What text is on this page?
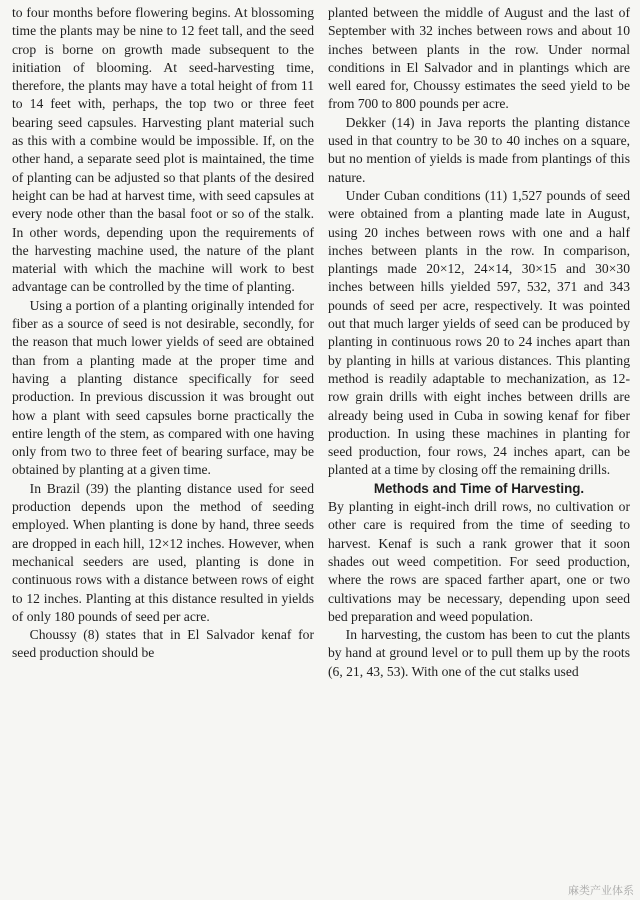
to four months before flowering begins. At blossoming time the plants may be nine to 12 feet tall, and the seed crop is borne on growth made subsequent to the initiation of blooming. At seed-harvesting time, therefore, the plants may have a total height of from 11 to 14 feet with, perhaps, the top two or three feet bearing seed capsules. Harvesting plant material such as this with a combine would be impossible. If, on the other hand, a separate seed plot is maintained, the time of planting can be adjusted so that plants of the desired height can be had at harvest time, with seed capsules at every node other than the basal foot or so of the stalk. In other words, depending upon the requirements of the harvesting machine used, the nature of the plant material with which the machine will work to best advantage can be controlled by the time of planting.

Using a portion of a planting originally intended for fiber as a source of seed is not desirable, secondly, for the reason that much lower yields of seed are obtained than from a planting made at the proper time and having a planting distance specifically for seed production. In previous discussion it was brought out how a plant with seed capsules borne practically the entire length of the stem, as compared with one having only from two to three feet of bearing surface, may be obtained by planting at a given time.

In Brazil (39) the planting distance used for seed production depends upon the method of seeding employed. When planting is done by hand, three seeds are dropped in each hill, 12×12 inches. However, when mechanical seeders are used, planting is done in continuous rows with a distance between rows of eight to 12 inches. Planting at this distance resulted in yields of only 180 pounds of seed per acre.

Choussy (8) states that in El Salvador kenaf for seed production should be

planted between the middle of August and the last of September with 32 inches between rows and about 10 inches between plants in the row. Under normal conditions in El Salvador and in plantings which are well eared for, Choussy estimates the seed yield to be from 700 to 800 pounds per acre.

Dekker (14) in Java reports the planting distance used in that country to be 30 to 40 inches on a square, but no mention of yields is made from plantings of this nature.

Under Cuban conditions (11) 1,527 pounds of seed were obtained from a planting made late in August, using 20 inches between rows with one and a half inches between plants in the row. In comparison, plantings made 20×12, 24×14, 30×15 and 30×30 inches between hills yielded 597, 532, 371 and 343 pounds of seed per acre, respectively. It was pointed out that much larger yields of seed can be produced by planting in continuous rows 20 to 24 inches apart than by planting in hills at various distances. This planting method is readily adaptable to mechanization, as 12-row grain drills with eight inches between drills are already being used in Cuba in sowing kenaf for fiber production. In using these machines in planting for seed production, four rows, 24 inches apart, can be planted at a time by closing off the remaining drills.

Methods and Time of Harvesting.

By planting in eight-inch drill rows, no cultivation or other care is required from the time of seeding to harvest. Kenaf is such a rank grower that it soon shades out weed competition. For seed production, where the rows are spaced farther apart, one or two cultivations may be necessary, depending upon seed bed preparation and weed population.

In harvesting, the custom has been to cut the plants by hand at ground level or to pull them up by the roots (6, 21, 43, 53). With one of the cut stalks used

麻类产业体系
